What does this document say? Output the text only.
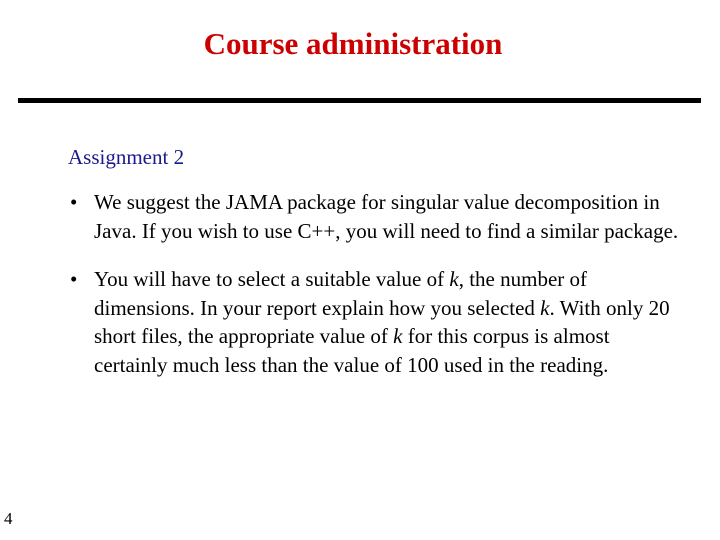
Course administration
Assignment 2
• We suggest the JAMA package for singular value decomposition in Java. If you wish to use C++, you will need to find a similar package.
• You will have to select a suitable value of k, the number of dimensions. In your report explain how you selected k. With only 20 short files, the appropriate value of k for this corpus is almost certainly much less than the value of 100 used in the reading.
4
